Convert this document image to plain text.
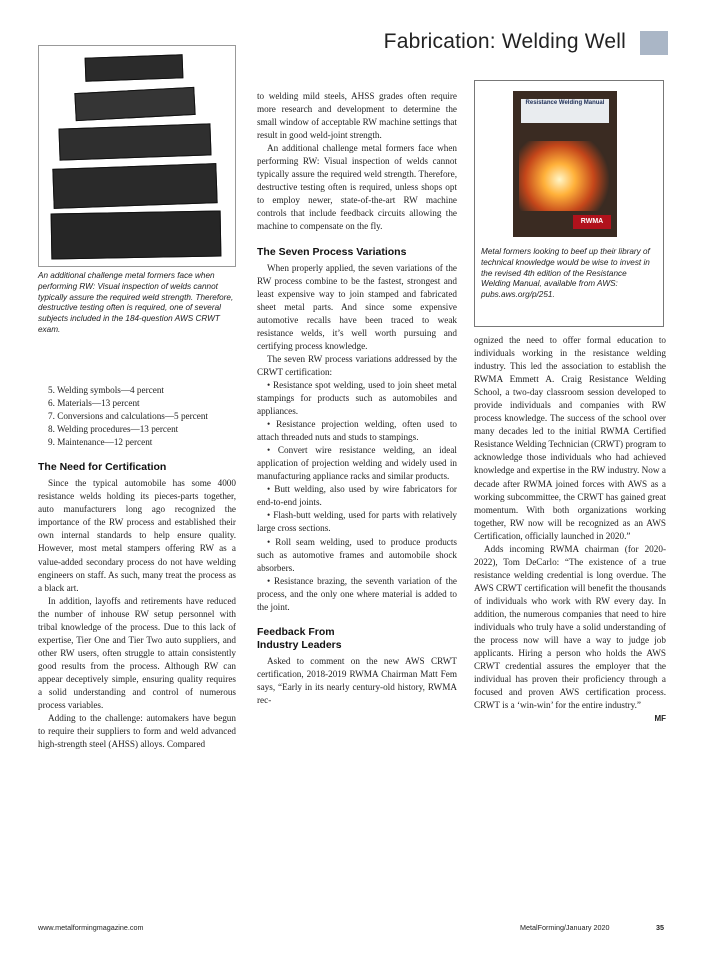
Fabrication: Welding Well
An additional challenge metal formers face when performing RW: Visual inspection of welds cannot typically assure the required weld strength. Therefore, destructive testing often is required, one of several subjects included in the 184-question AWS CRWT exam.

5. Welding symbols—4 percent

6. Materials—13 percent

7. Conversions and calculations—5 percent

8. Welding procedures—13 percent

9. Maintenance—12 percent

The Need for Certification

Since the typical automobile has some 4000 resistance welds holding its pieces-parts together, auto manufacturers long ago recognized the importance of the RW process and established their own internal standards to help ensure quality. However, most metal stampers offering RW as a value-added secondary process do not have welding engineers on staff. As such, many treat the process as a black art.

In addition, layoffs and retirements have reduced the number of inhouse RW setup personnel with tribal knowledge of the process. Due to this lack of expertise, Tier One and Tier Two auto suppliers, and other RW users, often struggle to attain consistently good results from the process. Although RW can appear deceptively simple, ensuring quality requires a solid understanding and control of numerous process variables.

Adding to the challenge: automakers have begun to require their suppliers to form and weld advanced high-strength steel (AHSS) alloys. Compared

to welding mild steels, AHSS grades often require more research and development to determine the small window of acceptable RW machine settings that result in good weld-joint strength.

An additional challenge metal formers face when performing RW: Visual inspection of welds cannot typically assure the required weld strength. Therefore, destructive testing often is required, unless shops opt to employ newer, state-of-the-art RW machine controls that include feedback circuits allowing the machine to compensate on the fly.

The Seven Process Variations

When properly applied, the seven variations of the RW process combine to be the fastest, strongest and least expensive way to join stamped and fabricated sheet metal parts. And since some expensive automotive recalls have been traced to weak resistance welds, it’s well worth pursuing and certifying process knowledge.

The seven RW process variations addressed by the CRWT certification:

• Resistance spot welding, used to join sheet metal stampings for products such as automobiles and appliances.

• Resistance projection welding, often used to attach threaded nuts and studs to stampings.

• Convert wire resistance welding, an ideal application of projection welding and widely used in manufacturing appliance racks and similar products.

• Butt welding, also used by wire fabricators for end-to-end joints.

• Flash-butt welding, used for parts with relatively large cross sections.

• Roll seam welding, used to produce products such as automotive frames and automobile shock absorbers.

• Resistance brazing, the seventh variation of the process, and the only one where material is added to the joint.

Feedback From Industry Leaders

Asked to comment on the new AWS CRWT certification, 2018-2019 RWMA Chairman Matt Fem says, “Early in its nearly century-old history, RWMA rec-

Resistance Welding Manual
RWMA
Metal formers looking to beef up their library of technical knowledge would be wise to invest in the revised 4th edition of the Resistance Welding Manual, available from AWS: pubs.aws.org/p/251.

ognized the need to offer formal education to individuals working in the resistance welding industry. This led the association to establish the RWMA Emmett A. Craig Resistance Welding School, a two-day classroom session developed to provide individuals and companies with RW process knowledge. The success of the school over many decades led to the initial RWMA Certified Resistance Welding Technician (CRWT) program to acknowledge those individuals who had achieved knowledge and expertise in the RW industry. Now a decade after RWMA joined forces with AWS as a working subcommittee, the CRWT has gained great momentum. With both organizations working together, RW now will be recognized as an AWS Certification, officially launched in 2020.”

Adds incoming RWMA chairman (for 2020-2022), Tom DeCarlo: “The existence of a true resistance welding credential is long overdue. The AWS CRWT certification will benefit the thousands of individuals who work with RW every day. In addition, the numerous companies that need to hire individuals who truly have a solid understanding of the process now will have a way to judge job applicants. Hiring a person who holds the AWS CRWT credential assures the employer that the individual has proven their proficiency through a focused and proven AWS certification process. CRWT is a ‘win-win’ for the entire industry.”

MF
www.metalformingmagazine.com	MetalForming/January 2020	35
